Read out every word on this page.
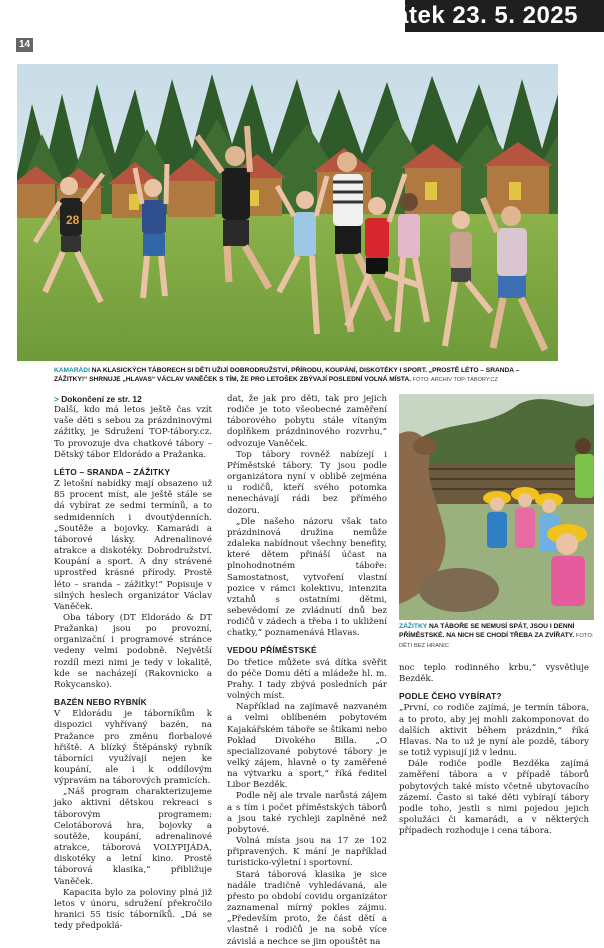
Pátek 23. 5. 2025
14
28
KAMARÁDI NA KLASICKÝCH TÁBORECH SI DĚTI UŽIJÍ DOBRODRUŽSTVÍ, PŘÍRODU, KOUPÁNÍ, DISKOTÉKY I SPORT. „PROSTĚ LÉTO – SRANDA – ZÁŽITKY!“ SHRNUJE „HLAVAS“ VÁCLAV VANĚČEK S TÍM, ŽE PRO LETOŠEK ZBÝVAJÍ POSLEDNÍ VOLNÁ MÍSTA. FOTO: ARCHIV TOP-TÁBORY.CZ
> Dokončení ze str. 12

Další, kdo má letos ještě čas vzít vaše děti s sebou za prázdninovými zážitky, je Sdružení TOP-tábory.cz. To provozuje dva chatkové tábory – Dětský tábor Eldorádo a Pražanka.

LÉTO – SRANDA – ZÁŽITKY

Z letošní nabídky mají obsazeno už 85 procent míst, ale ještě stále se dá vybírat ze sedmi termínů, a to sedmidenních i dvoutýdenních. „Soutěže a bojovky. Kamarádi a táborové lásky. Adrenalinové atrakce a diskotéky. Dobrodružství. Koupání a sport. A dny strávené uprostřed krásné přírody. Prostě léto – sranda – zážitky!“ Popisuje v silných heslech organizátor Václav Vaněček.

Oba tábory (DT Eldorádo & DT Pražanka) jsou po provozní, organizační i programové stránce vedeny velmi podobně. Největší rozdíl mezi nimi je tedy v lokalitě, kde se nacházejí (Rakovnicko a Rokycansko).

BAZÉN NEBO RYBNÍK

V Eldorádu je táborníkům k dispozici vyhřívaný bazén, na Pražance pro změnu florbalové hřiště. A blízký Štěpánský rybník táborníci využívají nejen ke koupání, ale i k oddílovým výpravám na táborových pramicích.

„Náš program charakterizujeme jako aktivní dětskou rekreaci s táborovým programem: Celotáborová hra, bojovky a soutěže, koupání, adrenalinové atrakce, táborová VOLYPIJÁDA, diskotéky a letní kino. Prostě táborová klasika,“ přibližuje Vaněček.

Kapacita bylo za poloviny plná již letos v únoru, sdružení překročilo hranici 55 tisíc táborníků. „Dá se tedy předpoklá-

dat, že jak pro děti, tak pro jejich rodiče je toto všeobecné zaměření táborového pobytu stále vítaným doplňkem prázdninového rozvrhu,“ odvozuje Vaněček.

Top tábory rovněž nabízejí i Příměstské tábory. Ty jsou podle organizátora nyní v oblibě zejména u rodičů, kteří svého potomka nenechávají rádi bez přímého dozoru.

„Dle našeho názoru však tato prázdninová družina nemůže zdaleka nabídnout všechny benefity, které dětem přináší účast na plnohodnotném táboře: Samostatnost, vytvoření vlastní pozice v rámci kolektivu, intenzita vztahů s ostatními dětmi, sebevědomí ze zvládnutí dnů bez rodičů v zádech a třeba i to ukližení chatky,“ poznamenává Hlavas.

VEDOU PŘÍMĚSTSKÉ

Do třetice můžete svá dítka svěřit do péče Domu dětí a mládeže hl. m. Prahy. I tady zbývá posledních pár volných míst.

Například na zajímavě nazvaném a velmi oblíbeném pobytovém Kajakářském táboře se štikami nebo Poklad Divokého Billa. „O specializované pobytové tábory je velký zájem, hlavně o ty zaměřené na výtvarku a sport,“ říká ředitel Libor Bezděk.

Podle něj ale trvale narůstá zájem a s tím i počet příměstských táborů a jsou také rychleji zaplněné než pobytové.

Volná místa jsou na 17 ze 102 připravených. K mání je například turisticko-výletní i sportovní.

Stará táborová klasika je sice nadále tradičně vyhledávaná, ale přesto po období covidu organizátor zaznamenal mírný pokles zájmu. „Především proto, že část dětí a vlastně i rodičů je na sobě více závislá a nechce se jim opouštět na

ZÁŽITKY NA TÁBOŘE SE NEMUSÍ SPÁT, JSOU I DENNÍ PŘÍMĚSTSKÉ. NA NICH SE CHODÍ TŘEBA ZA ZVÍŘATY. FOTO: DĚTI BEZ HRANIC

noc teplo rodinného krbu,“ vysvětluje Bezděk.

PODLE ČEHO VYBÍRAT?

„První, co rodiče zajímá, je termín tábora, a to proto, aby jej mohli zakomponovat do dalších aktivit během prázdnin,“ říká Hlavas. Na to už je nyní ale pozdě, tábory se totiž vypisují již v lednu.

Dále rodiče podle Bezděka zajímá zaměření tábora a v případě táborů pobytových také místo včetně ubytovacího zázemí. Často si také děti vybírají tábory podle toho, jestli s nimi pojedou jejich spolužáci či kamarádi, a v některých případech rozhoduje i cena tábora.
